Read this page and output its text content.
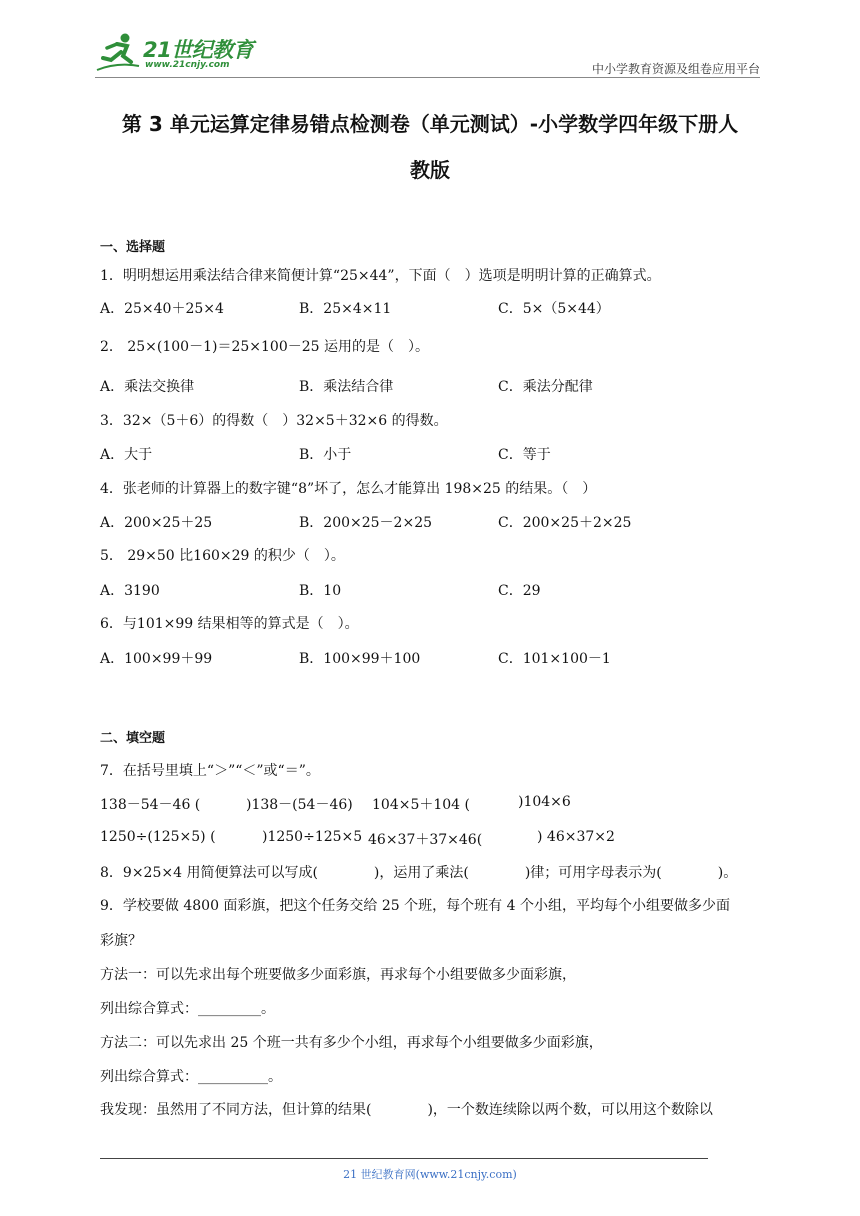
21世纪教育
www.21cnjy.com	中小学教育资源及组卷应用平台
第 3 单元运算定律易错点检测卷（单元测试）-小学数学四年级下册人
教版
一、选择题
1．明明想运用乘法结合律来简便计算“25×44”，下面（　）选项是明明计算的正确算式。
A．25×40＋25×4	B．25×4×11	C．5×（5×44）
2． 25×(100－1)＝25×100－25 运用的是（　）。
A．乘法交换律	B．乘法结合律	C．乘法分配律
3．32×（5＋6）的得数（　）32×5＋32×6 的得数。
A．大于	B．小于	C．等于
4．张老师的计算器上的数字键“8”坏了，怎么才能算出 198×25 的结果。（　）
A．200×25＋25	B．200×25－2×25	C．200×25＋2×25
5． 29×50 比160×29 的积少（　）。
A．3190	B．10	C．29
6．与101×99 结果相等的算式是（　）。
A．100×99＋99	B．100×99＋100	C．101×100－1
二、填空题
7．在括号里填上“＞”“＜”或“＝”。
138－54－46 (	)138－(54－46) 104×5＋104 (	)104×6
1250÷(125×5) (	)1250÷125×5 46×37＋37×46(	) 46×37×2
8．9×25×4 用简便算法可以写成(　　　　)，运用了乘法(　　　　)律；可用字母表示为(　　　　)。
9．学校要做 4800 面彩旗，把这个任务交给 25 个班，每个班有 4 个小组，平均每个小组要做多少面
彩旗？
方法一：可以先求出每个班要做多少面彩旗，再求每个小组要做多少面彩旗，
列出综合算式：_________。
方法二：可以先求出 25 个班一共有多少个小组，再求每个小组要做多少面彩旗，
列出综合算式：__________。
我发现：虽然用了不同方法，但计算的结果(　　　　)，一个数连续除以两个数，可以用这个数除以
21 世纪教育网(www.21cnjy.com)
